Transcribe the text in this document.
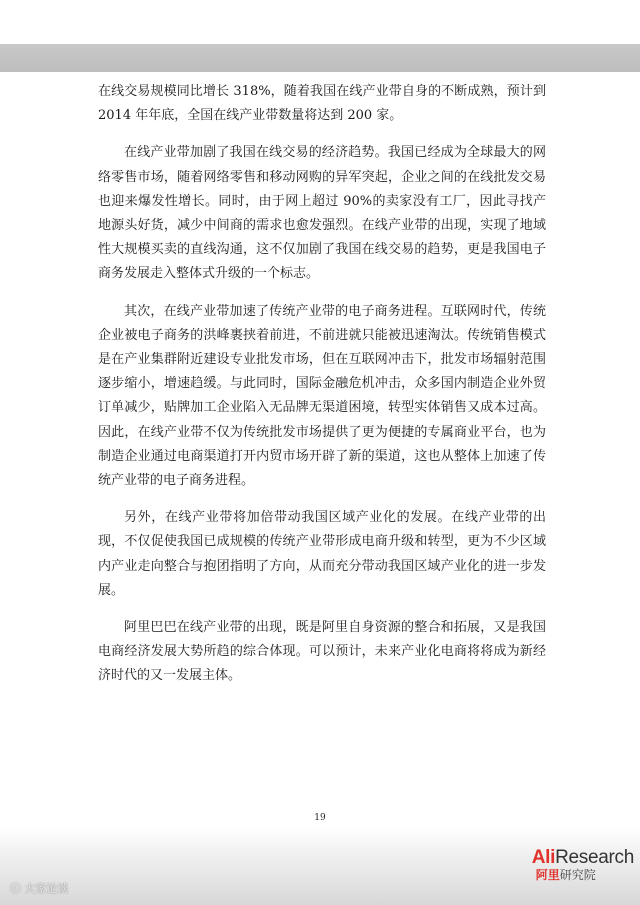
在线交易规模同比增长 318%，随着我国在线产业带自身的不断成熟，预计到 2014 年年底，全国在线产业带数量将达到 200 家。

在线产业带加剧了我国在线交易的经济趋势。我国已经成为全球最大的网络零售市场，随着网络零售和移动网购的异军突起，企业之间的在线批发交易也迎来爆发性增长。同时，由于网上超过 90%的卖家没有工厂，因此寻找产地源头好货，减少中间商的需求也愈发强烈。在线产业带的出现，实现了地域性大规模买卖的直线沟通，这不仅加剧了我国在线交易的趋势，更是我国电子商务发展走入整体式升级的一个标志。

其次，在线产业带加速了传统产业带的电子商务进程。互联网时代，传统企业被电子商务的洪峰裹挟着前进，不前进就只能被迅速淘汰。传统销售模式是在产业集群附近建设专业批发市场，但在互联网冲击下，批发市场辐射范围逐步缩小，增速趋缓。与此同时，国际金融危机冲击，众多国内制造企业外贸订单减少，贴牌加工企业陷入无品牌无渠道困境，转型实体销售又成本过高。因此，在线产业带不仅为传统批发市场提供了更为便捷的专属商业平台，也为制造企业通过电商渠道打开内贸市场开辟了新的渠道，这也从整体上加速了传统产业带的电子商务进程。

另外，在线产业带将加倍带动我国区域产业化的发展。在线产业带的出现，不仅促使我国已成规模的传统产业带形成电商升级和转型，更为不少区域内产业走向整合与抱团指明了方向，从而充分带动我国区域产业化的进一步发展。

阿里巴巴在线产业带的出现，既是阿里自身资源的整合和拓展，又是我国电商经济发展大势所趋的综合体现。可以预计，未来产业化电商将将成为新经济时代的又一发展主体。

19
AliResearch
阿里研究院
ⓒ 大家论谈
